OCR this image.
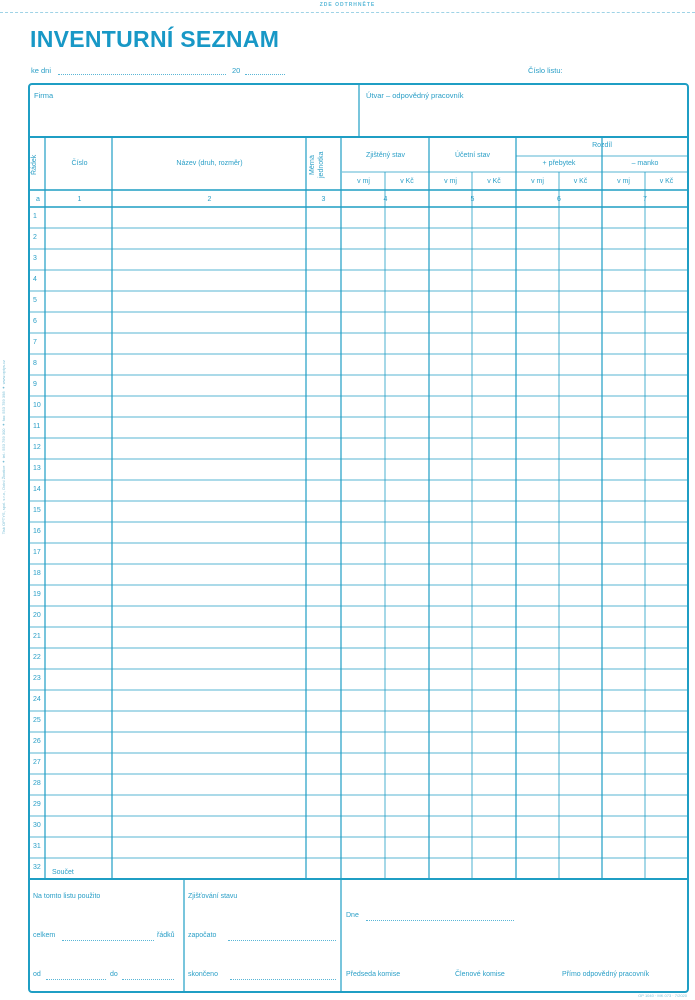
ZDE ODTRHNĚTE
INVENTURNÍ SEZNAM
ke dni	20	Číslo listu:
Tisk OPTYS, spol. s r.o., Dolní Životice ● tel.: 553 759 300 ● fax: 553 759 398 ● www.optys.cz
Firma	Útvar – odpovědný pracovník
Řádek	Číslo	Název (druh, rozměr)	Měrná jednotka	Zjištěný stav	Účetní stav
Rozdíl
+ přebytek	– manko
v mj	v Kč	v mj	v Kč	v mj	v Kč	v mj	v Kč
a	1	2	3	4	5	6	7
1
2
3
4
5
6
7
8
9
10
11
12
13
14
15
16
17
18
19
20
21
22
23
24
25
26
27
28
29
30
31
32
Součet
Na tomto listu použito
celkem	řádků
od	do
Zjišťování stavu
započato
skončeno
Dne
Předseda komise	Členové komise	Přímo odpovědný pracovník
OP 1040 · MK 073 · 7/2020
